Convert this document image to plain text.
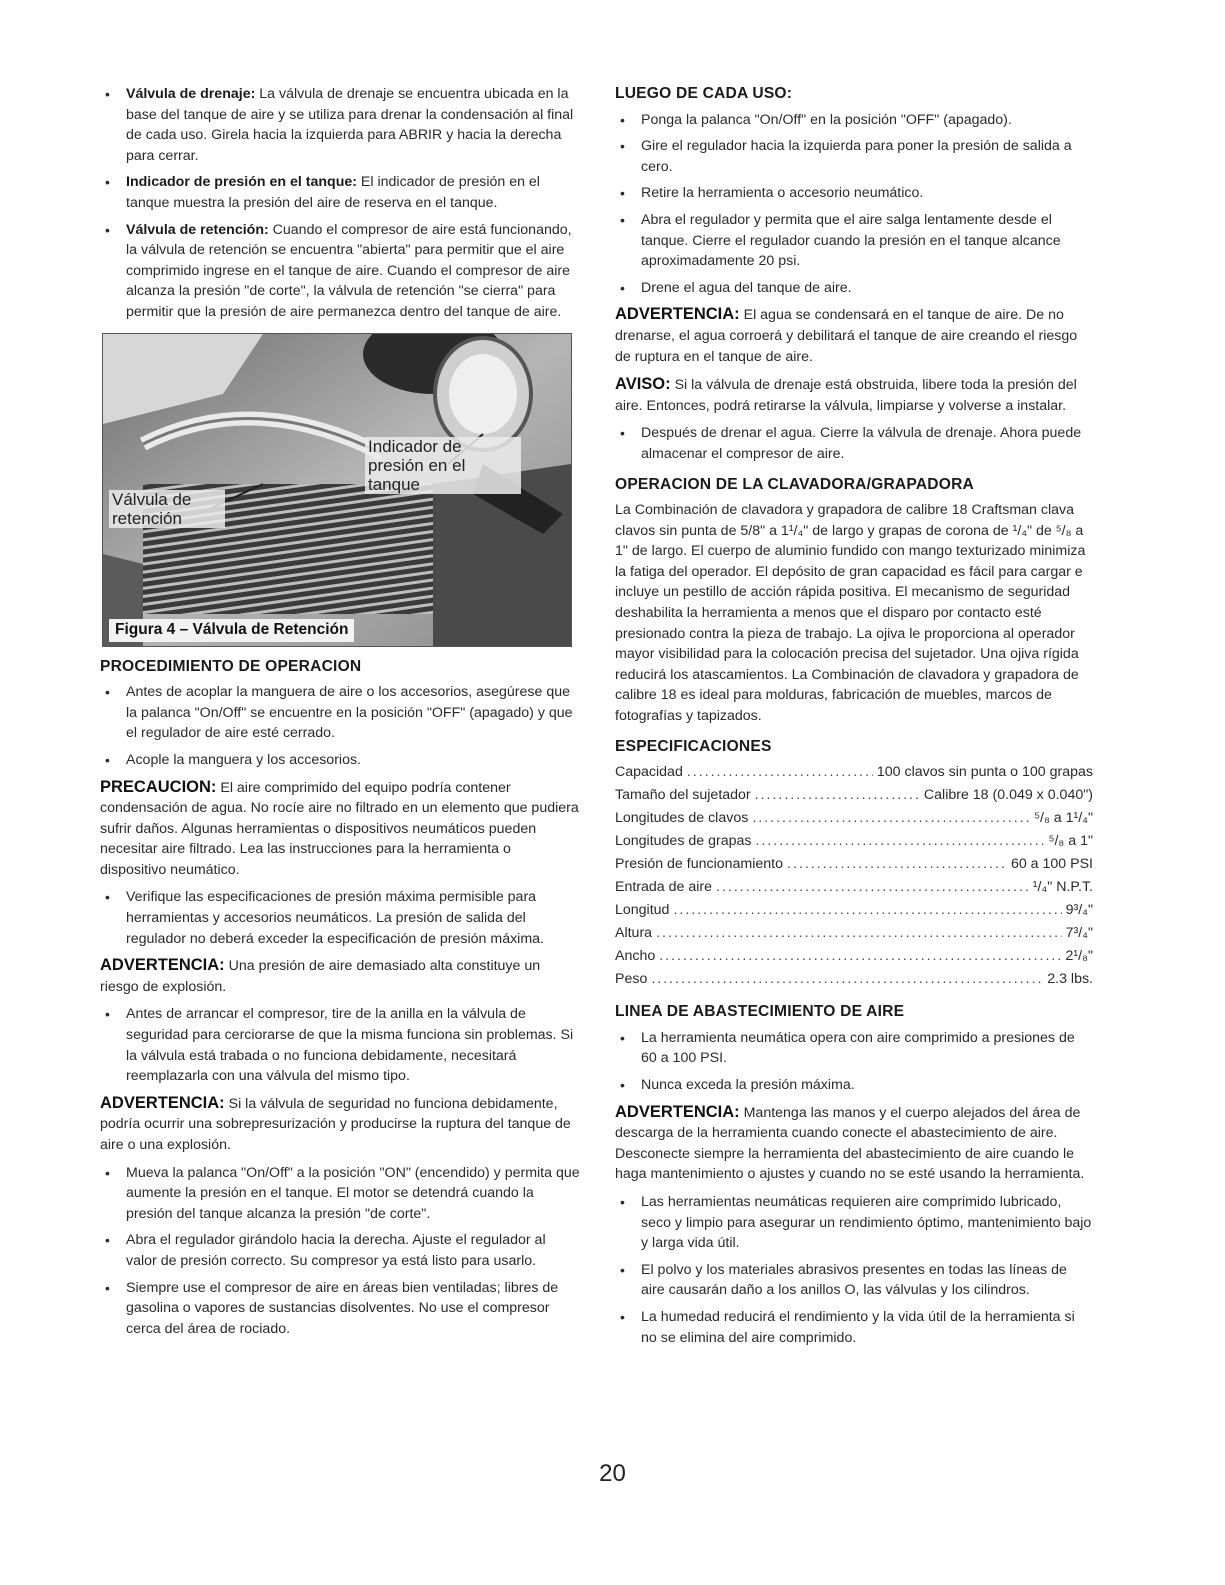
• Válvula de drenaje: La válvula de drenaje se encuentra ubicada en la base del tanque de aire y se utiliza para drenar la condensación al final de cada uso. Girela hacia la izquierda para ABRIR y hacia la derecha para cerrar.
• Indicador de presión en el tanque: El indicador de presión en el tanque muestra la presión del aire de reserva en el tanque.
• Válvula de retención: Cuando el compresor de aire está funcionando, la válvula de retención se encuentra "abierta" para permitir que el aire comprimido ingrese en el tanque de aire. Cuando el compresor de aire alcanza la presión "de corte", la válvula de retención "se cierra" para permitir que la presión de aire permanezca dentro del tanque de aire.
Indicador de presión en el tanque
Válvula de retención
Figura 4 – Válvula de Retención
PROCEDIMIENTO DE OPERACION
• Antes de acoplar la manguera de aire o los accesorios, asegúrese que la palanca "On/Off" se encuentre en la posición "OFF" (apagado) y que el regulador de aire esté cerrado.
• Acople la manguera y los accesorios.

PRECAUCION: El aire comprimido del equipo podría contener condensación de agua. No rocíe aire no filtrado en un elemento que pudiera sufrir daños. Algunas herramientas o dispositivos neumáticos pueden necesitar aire filtrado. Lea las instrucciones para la herramienta o dispositivo neumático.

• Verifique las especificaciones de presión máxima permisible para herramientas y accesorios neumáticos. La presión de salida del regulador no deberá exceder la especificación de presión máxima.

ADVERTENCIA: Una presión de aire demasiado alta constituye un riesgo de explosión.

• Antes de arrancar el compresor, tire de la anilla en la válvula de seguridad para cerciorarse de que la misma funciona sin problemas. Si la válvula está trabada o no funciona debidamente, necesitará reemplazarla con una válvula del mismo tipo.

ADVERTENCIA: Si la válvula de seguridad no funciona debidamente, podría ocurrir una sobrepresurización y producirse la ruptura del tanque de aire o una explosión.

• Mueva la palanca "On/Off" a la posición "ON" (encendido) y permita que aumente la presión en el tanque. El motor se detendrá cuando la presión del tanque alcanza la presión "de corte".
• Abra el regulador girándolo hacia la derecha. Ajuste el regulador al valor de presión correcto. Su compresor ya está listo para usarlo.
• Siempre use el compresor de aire en áreas bien ventiladas; libres de gasolina o vapores de sustancias disolventes. No use el compresor cerca del área de rociado.
LUEGO DE CADA USO:
• Ponga la palanca "On/Off" en la posición "OFF" (apagado).
• Gire el regulador hacia la izquierda para poner la presión de salida a cero.
• Retire la herramienta o accesorio neumático.
• Abra el regulador y permita que el aire salga lentamente desde el tanque. Cierre el regulador cuando la presión en el tanque alcance aproximadamente 20 psi.
• Drene el agua del tanque de aire.

ADVERTENCIA: El agua se condensará en el tanque de aire. De no drenarse, el agua corroerá y debilitará el tanque de aire creando el riesgo de ruptura en el tanque de aire.

AVISO: Si la válvula de drenaje está obstruida, libere toda la presión del aire. Entonces, podrá retirarse la válvula, limpiarse y volverse a instalar.

• Después de drenar el agua. Cierre la válvula de drenaje. Ahora puede almacenar el compresor de aire.
OPERACION DE LA CLAVADORA/GRAPADORA

La Combinación de clavadora y grapadora de calibre 18 Craftsman clava clavos sin punta de 5/8" a 1¹/₄" de largo y grapas de corona de ¹/₄" de ⁵/₈ a 1" de largo. El cuerpo de aluminio fundido con mango texturizado minimiza la fatiga del operador. El depósito de gran capacidad es fácil para cargar e incluye un pestillo de acción rápida positiva. El mecanismo de seguridad deshabilita la herramienta a menos que el disparo por contacto esté presionado contra la pieza de trabajo. La ojiva le proporciona al operador mayor visibilidad para la colocación precisa del sujetador. Una ojiva rígida reducirá los atascamientos. La Combinación de clavadora y grapadora de calibre 18 es ideal para molduras, fabricación de muebles, marcos de fotografías y tapizados.

ESPECIFICACIONES
Capacidad .....	100 clavos sin punta o 100 grapas
Tamaño del sujetador .....	Calibre 18 (0.049 x 0.040")
Longitudes de clavos .....	⁵/₈ a 1¹/₄"
Longitudes de grapas .....	⁵/₈ a 1"
Presión de funcionamiento .....	60 a 100 PSI
Entrada de aire .....	¹/₄" N.P.T.
Longitud .....	9³/₄"
Altura .....	7³/₄"
Ancho .....	2¹/₈"
Peso .....	2.3 lbs.
LINEA DE ABASTECIMIENTO DE AIRE
• La herramienta neumática opera con aire comprimido a presiones de 60 a 100 PSI.
• Nunca exceda la presión máxima.

ADVERTENCIA: Mantenga las manos y el cuerpo alejados del área de descarga de la herramienta cuando conecte el abastecimiento de aire. Desconecte siempre la herramienta del abastecimiento de aire cuando le haga mantenimiento o ajustes y cuando no se esté usando la herramienta.

• Las herramientas neumáticas requieren aire comprimido lubricado, seco y limpio para asegurar un rendimiento óptimo, mantenimiento bajo y larga vida útil.
• El polvo y los materiales abrasivos presentes en todas las líneas de aire causarán daño a los anillos O, las válvulas y los cilindros.
• La humedad reducirá el rendimiento y la vida útil de la herramienta si no se elimina del aire comprimido.
20
